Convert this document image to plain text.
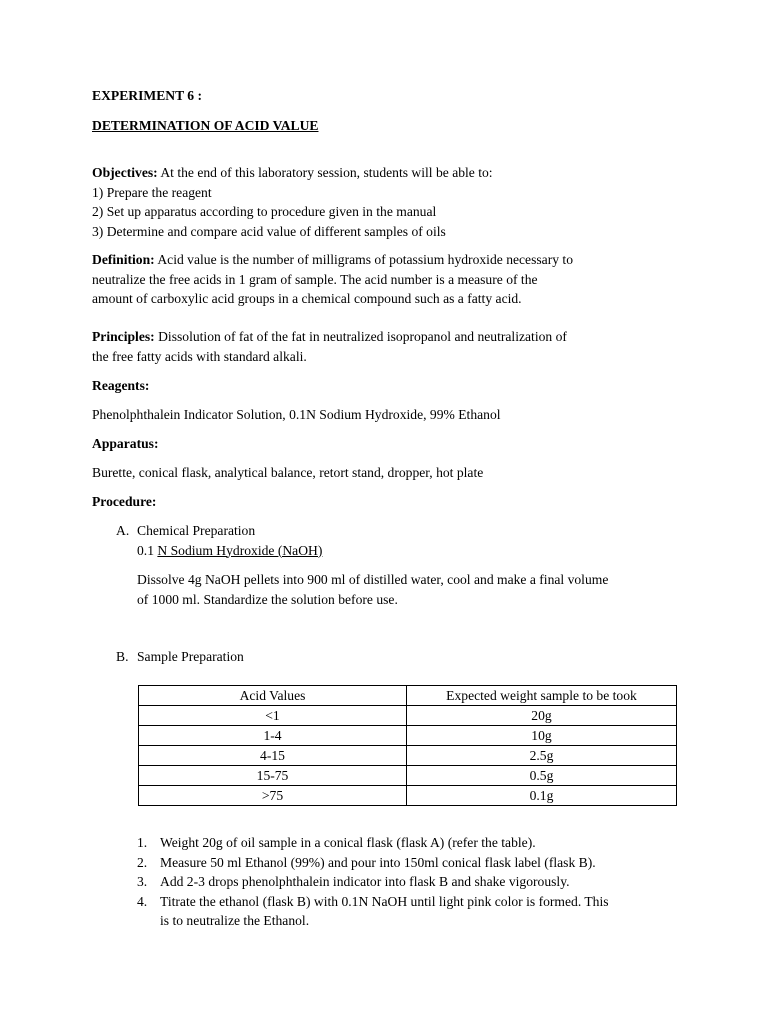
EXPERIMENT 6 :
DETERMINATION OF ACID VALUE
Objectives: At the end of this laboratory session, students will be able to:
1) Prepare the reagent
2) Set up apparatus according to procedure given in the manual
3) Determine and compare acid value of different samples of oils
Definition: Acid value is the number of milligrams of potassium hydroxide necessary to
neutralize the free acids in 1 gram of sample. The acid number is a measure of the
amount of carboxylic acid groups in a chemical compound such as a fatty acid.
Principles: Dissolution of fat of the fat in neutralized isopropanol and neutralization of
the free fatty acids with standard alkali.
Reagents:
Phenolphthalein Indicator Solution, 0.1N Sodium Hydroxide, 99% Ethanol
Apparatus:
Burette, conical flask, analytical balance, retort stand, dropper, hot plate
Procedure:
A. Chemical Preparation
0.1 N Sodium Hydroxide (NaOH)
Dissolve 4g NaOH pellets into 900 ml of distilled water, cool and make a final volume
of 1000 ml. Standardize the solution before use.
B. Sample Preparation
Acid Values	Expected weight sample to be took
<1	20g
1-4	10g
4-15	2.5g
15-75	0.5g
>75	0.1g
1. Weight 20g of oil sample in a conical flask (flask A) (refer the table).
2. Measure 50 ml Ethanol (99%) and pour into 150ml conical flask label (flask B).
3. Add 2-3 drops phenolphthalein indicator into flask B and shake vigorously.
4. Titrate the ethanol (flask B) with 0.1N NaOH until light pink color is formed. This
is to neutralize the Ethanol.
